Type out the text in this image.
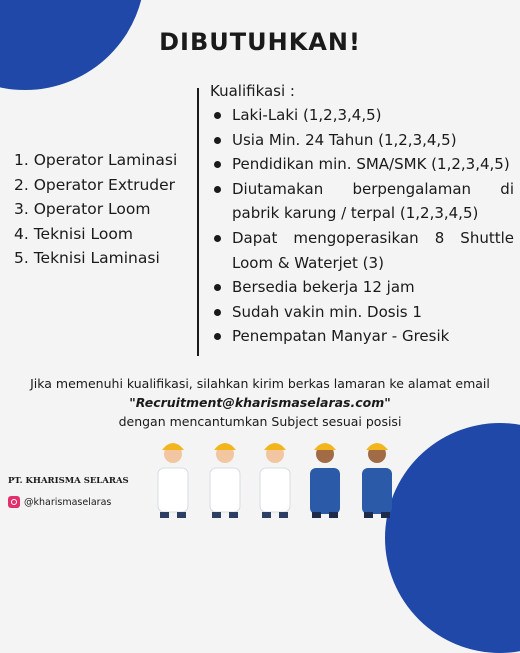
DIBUTUHKAN!
1. Operator Laminasi
2. Operator Extruder
3. Operator Loom
4. Teknisi Loom
5. Teknisi Laminasi
Kualifikasi :
Laki-Laki (1,2,3,4,5)
Usia Min. 24 Tahun (1,2,3,4,5)
Pendidikan min. SMA/SMK (1,2,3,4,5)
Diutamakan berpengalaman di pabrik karung / terpal (1,2,3,4,5)
Dapat mengoperasikan 8 Shuttle Loom & Waterjet (3)
Bersedia bekerja 12 jam
Sudah vakin min. Dosis 1
Penempatan Manyar - Gresik
Jika memenuhi kualifikasi, silahkan kirim berkas lamaran ke alamat email
"Recruitment@kharismaselaras.com"
dengan mencantumkan Subject sesuai posisi
PT. KHARISMA SELARAS
@kharismaselaras
